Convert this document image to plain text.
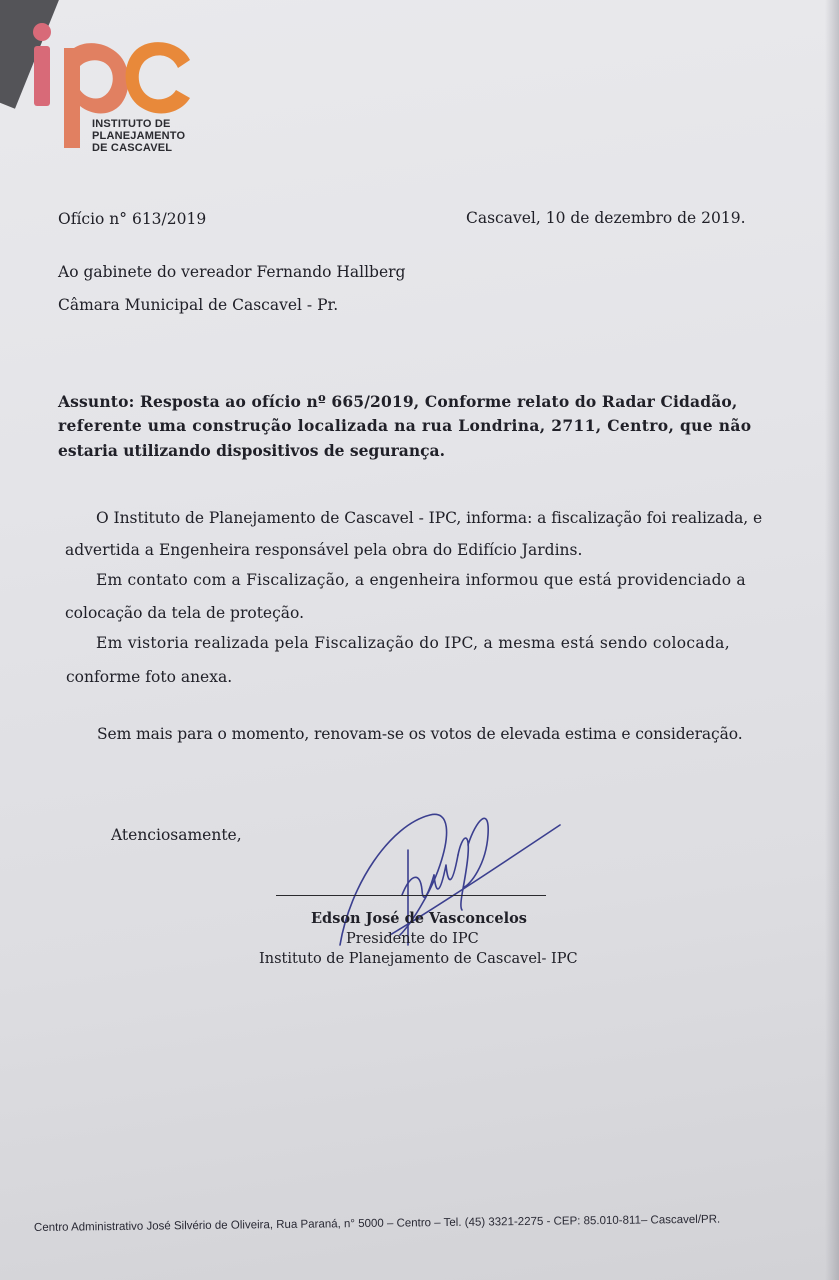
INSTITUTO DE
PLANEJAMENTO
DE CASCAVEL
Ofício n° 613/2019	Cascavel, 10 de dezembro de 2019.
Ao gabinete do vereador Fernando Hallberg
Câmara Municipal de Cascavel - Pr.
Assunto: Resposta ao ofício nº 665/2019, Conforme relato do Radar Cidadão,
referente uma construção localizada na rua Londrina, 2711, Centro, que não
estaria utilizando dispositivos de segurança.
O Instituto de Planejamento de Cascavel - IPC, informa: a fiscalização foi realizada, e
advertida a Engenheira responsável pela obra do Edifício Jardins.
Em contato com a Fiscalização, a engenheira informou que está providenciado a
colocação da tela de proteção.
Em vistoria realizada pela Fiscalização do IPC, a mesma está sendo colocada,
conforme foto anexa.
Sem mais para o momento, renovam-se os votos de elevada estima e consideração.
Atenciosamente,
Edson José de Vasconcelos
Presidente do IPC
Instituto de Planejamento de Cascavel- IPC
Centro Administrativo José Silvério de Oliveira, Rua Paraná, n° 5000 – Centro – Tel. (45) 3321-2275 - CEP: 85.010-811– Cascavel/PR.
